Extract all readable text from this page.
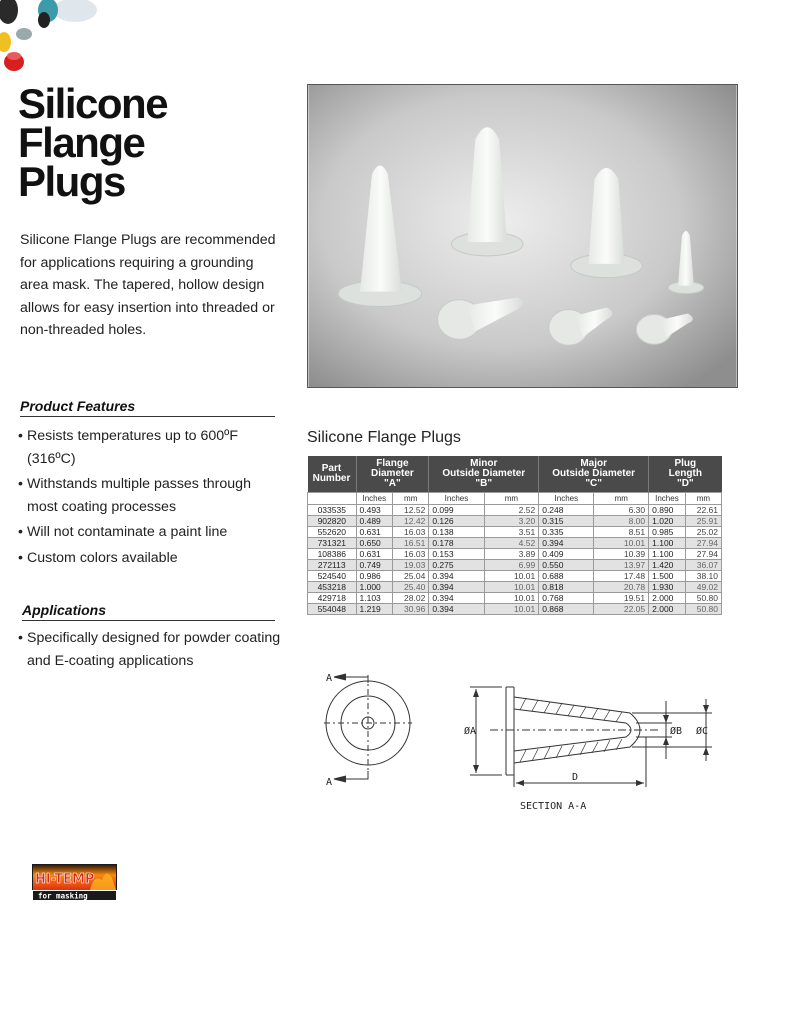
Silicone
Flange
Plugs

Silicone Flange Plugs are recommended for applications requiring a grounding area mask. The tapered, hollow design allows for easy insertion into threaded or non-threaded holes.

Product Features
• Resists temperatures up to 600ºF (316ºC)
• Withstands multiple passes through most coating processes
• Will not contaminate a paint line
• Custom colors available
Applications
• Specifically designed for powder coating and E-coating applications
Silicone Flange Plugs
Part
Number	Flange
Diameter
"A"		Minor
Outside Diameter
"B"		Major
Outside Diameter
"C"		Plug
Length
"D"	
	Inches	mm	Inches	mm	Inches	mm	Inches	mm
033535	0.493	12.52	0.099	2.52	0.248	6.30	0.890	22.61
902820	0.489	12.42	0.126	3.20	0.315	8.00	1.020	25.91
552620	0.631	16.03	0.138	3.51	0.335	8.51	0.985	25.02
731321	0.650	16.51	0.178	4.52	0.394	10.01	1.100	27.94
108386	0.631	16.03	0.153	3.89	0.409	10.39	1.100	27.94
272113	0.749	19.03	0.275	6.99	0.550	13.97	1.420	36.07
524540	0.986	25.04	0.394	10.01	0.688	17.48	1.500	38.10
453218	1.000	25.40	0.394	10.01	0.818	20.78	1.930	49.02
429718	1.103	28.02	0.394	10.01	0.768	19.51	2.000	50.80
554048	1.219	30.96	0.394	10.01	0.868	22.05	2.000	50.80
A
A
ØA	ØB ØC
D
SECTION A-A
HI-TEMP
for masking
